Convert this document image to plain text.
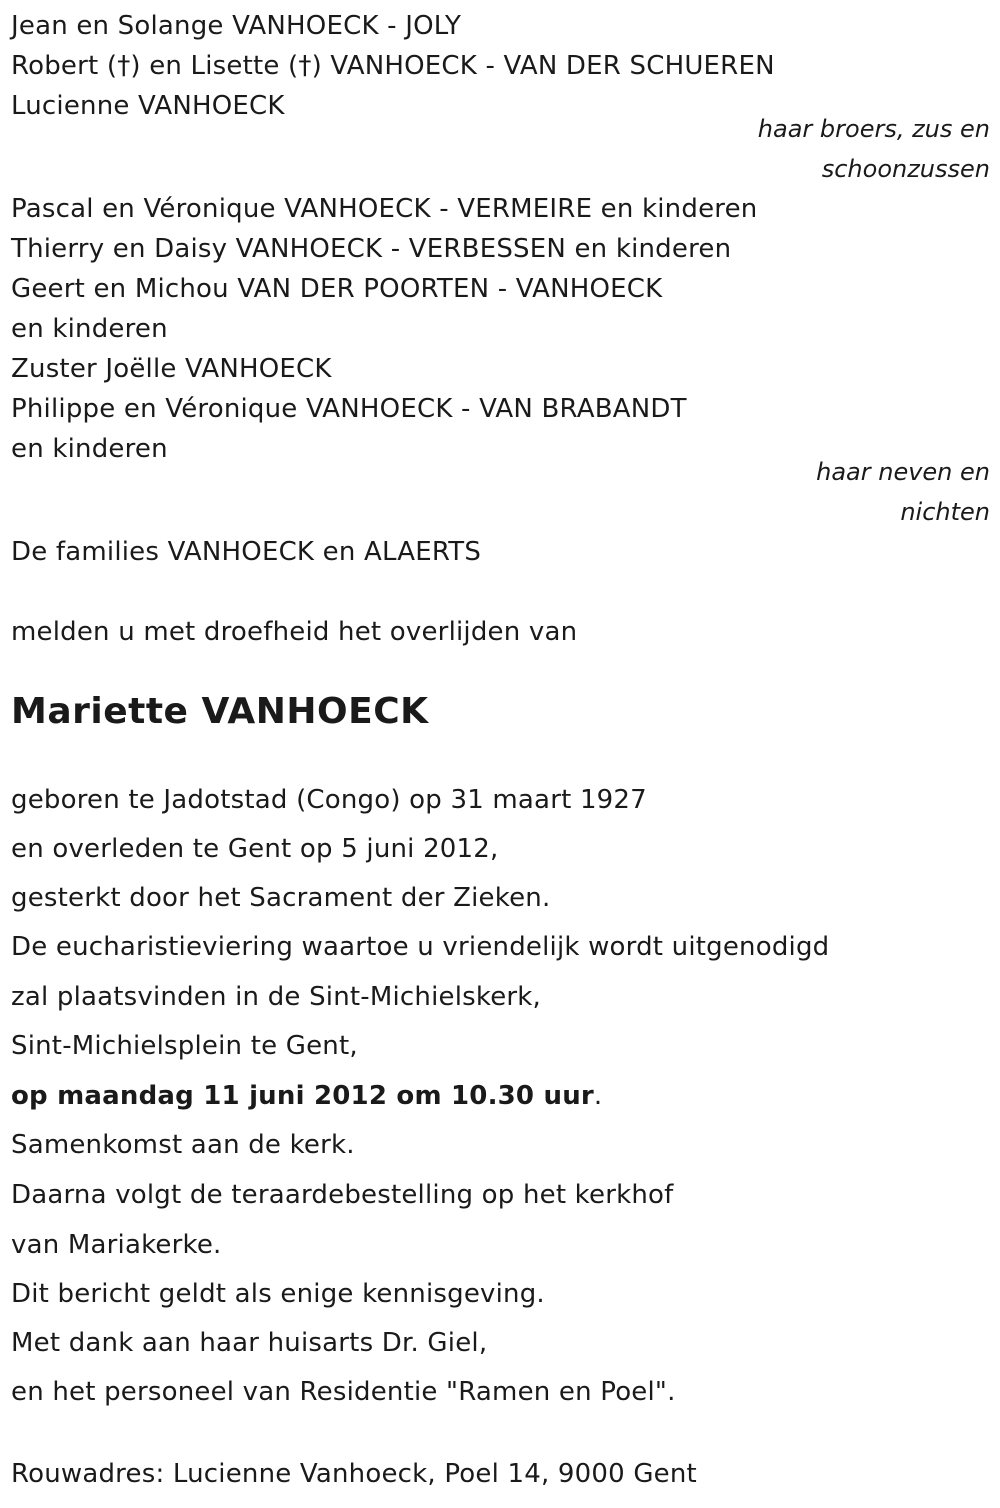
Jean en Solange VANHOECK - JOLY
Robert (†) en Lisette (†) VANHOECK - VAN DER SCHUEREN
Lucienne VANHOECK
haar broers, zus en
schoonzussen
Pascal en Véronique VANHOECK - VERMEIRE en kinderen
Thierry en Daisy VANHOECK - VERBESSEN en kinderen
Geert en Michou VAN DER POORTEN - VANHOECK
en kinderen
Zuster Joëlle VANHOECK
Philippe en Véronique VANHOECK - VAN BRABANDT
en kinderen
haar neven en
nichten
De families VANHOECK en ALAERTS
melden u met droefheid het overlijden van
Mariette VANHOECK
geboren te Jadotstad (Congo) op 31 maart 1927
en overleden te Gent op 5 juni 2012,
gesterkt door het Sacrament der Zieken.
De eucharistieviering waartoe u vriendelijk wordt uitgenodigd
zal plaatsvinden in de Sint-Michielskerk,
Sint-Michielsplein te Gent,
op maandag 11 juni 2012 om 10.30 uur.
Samenkomst aan de kerk.
Daarna volgt de teraardebestelling op het kerkhof
van Mariakerke.
Dit bericht geldt als enige kennisgeving.
Met dank aan haar huisarts Dr. Giel,
en het personeel van Residentie "Ramen en Poel".
Rouwadres: Lucienne Vanhoeck, Poel 14, 9000 Gent
